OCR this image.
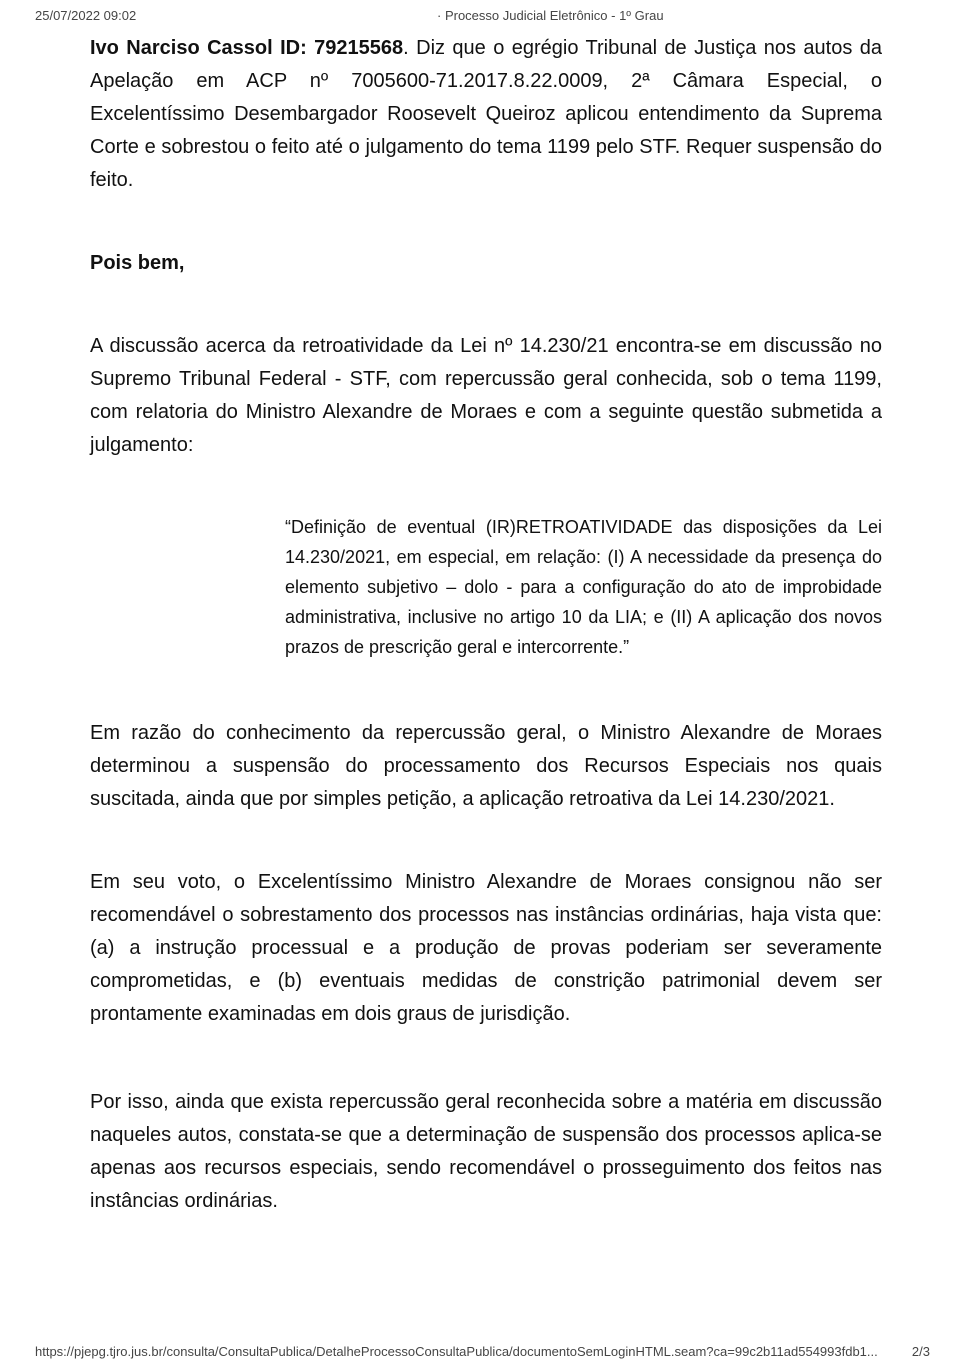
25/07/2022 09:02	· Processo Judicial Eletrônico - 1º Grau

Ivo Narciso Cassol ID: 79215568. Diz que o egrégio Tribunal de Justiça nos autos da Apelação em ACP nº 7005600-71.2017.8.22.0009, 2ª Câmara Especial, o Excelentíssimo Desembargador Roosevelt Queiroz aplicou entendimento da Suprema Corte e sobrestou o feito até o julgamento do tema 1199 pelo STF. Requer suspensão do feito.

Pois bem,

A discussão acerca da retroatividade da Lei nº 14.230/21 encontra-se em discussão no Supremo Tribunal Federal - STF, com repercussão geral conhecida, sob o tema 1199, com relatoria do Ministro Alexandre de Moraes e com a seguinte questão submetida a julgamento:

“Definição de eventual (IR)RETROATIVIDADE das disposições da Lei 14.230/2021, em especial, em relação: (I) A necessidade da presença do elemento subjetivo – dolo - para a configuração do ato de improbidade administrativa, inclusive no artigo 10 da LIA; e (II) A aplicação dos novos prazos de prescrição geral e intercorrente.”

Em razão do conhecimento da repercussão geral, o Ministro Alexandre de Moraes determinou a suspensão do processamento dos Recursos Especiais nos quais suscitada, ainda que por simples petição, a aplicação retroativa da Lei 14.230/2021.

Em seu voto, o Excelentíssimo Ministro Alexandre de Moraes consignou não ser recomendável o sobrestamento dos processos nas instâncias ordinárias, haja vista que: (a) a instrução processual e a produção de provas poderiam ser severamente comprometidas, e (b) eventuais medidas de constrição patrimonial devem ser prontamente examinadas em dois graus de jurisdição.

Por isso, ainda que exista repercussão geral reconhecida sobre a matéria em discussão naqueles autos, constata-se que a determinação de suspensão dos processos aplica-se apenas aos recursos especiais, sendo recomendável o prosseguimento dos feitos nas instâncias ordinárias.

https://pjepg.tjro.jus.br/consulta/ConsultaPublica/DetalheProcessoConsultaPublica/documentoSemLoginHTML.seam?ca=99c2b11ad554993fdb1...	2/3
